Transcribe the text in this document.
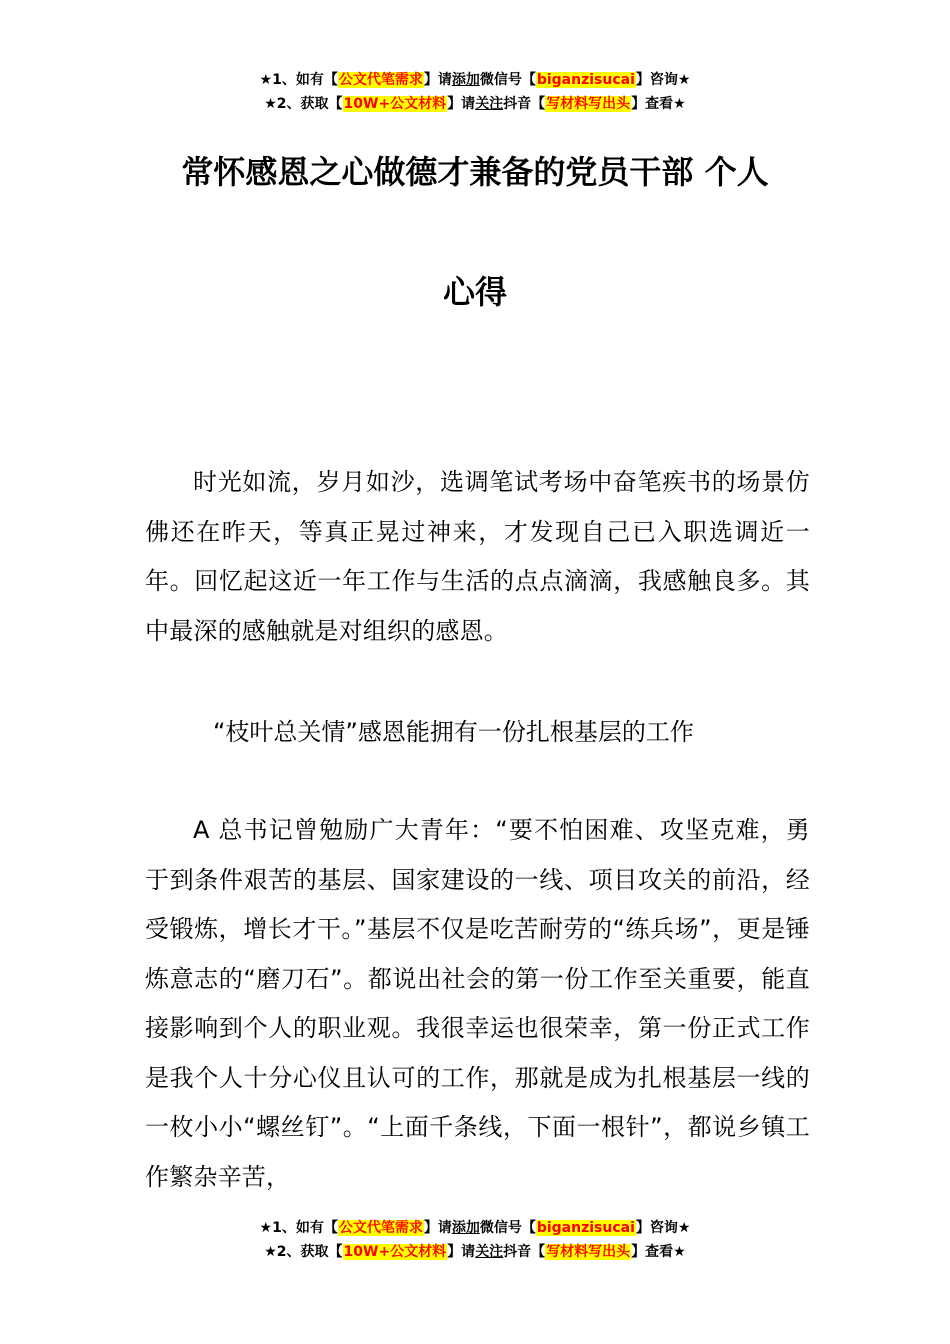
★1、如有【公文代笔需求】请添加微信号【biganzisucai】咨询★
★2、获取【10W+公文材料】请关注抖音【写材料写出头】查看★
常怀感恩之心做德才兼备的党员干部 个人
心得

时光如流，岁月如沙，选调笔试考场中奋笔疾书的场景仿佛还在昨天，等真正晃过神来，才发现自己已入职选调近一年。回忆起这近一年工作与生活的点点滴滴，我感触良多。其中最深的感触就是对组织的感恩。

“枝叶总关情”感恩能拥有一份扎根基层的工作

A 总书记曾勉励广大青年：“要不怕困难、攻坚克难，勇于到条件艰苦的基层、国家建设的一线、项目攻关的前沿，经受锻炼，增长才干。”基层不仅是吃苦耐劳的“练兵场”，更是锤炼意志的“磨刀石”。都说出社会的第一份工作至关重要，能直接影响到个人的职业观。我很幸运也很荣幸，第一份正式工作是我个人十分心仪且认可的工作，那就是成为扎根基层一线的一枚小小“螺丝钉”。“上面千条线，下面一根针”，都说乡镇工作繁杂辛苦，

★1、如有【公文代笔需求】请添加微信号【biganzisucai】咨询★
★2、获取【10W+公文材料】请关注抖音【写材料写出头】查看★
